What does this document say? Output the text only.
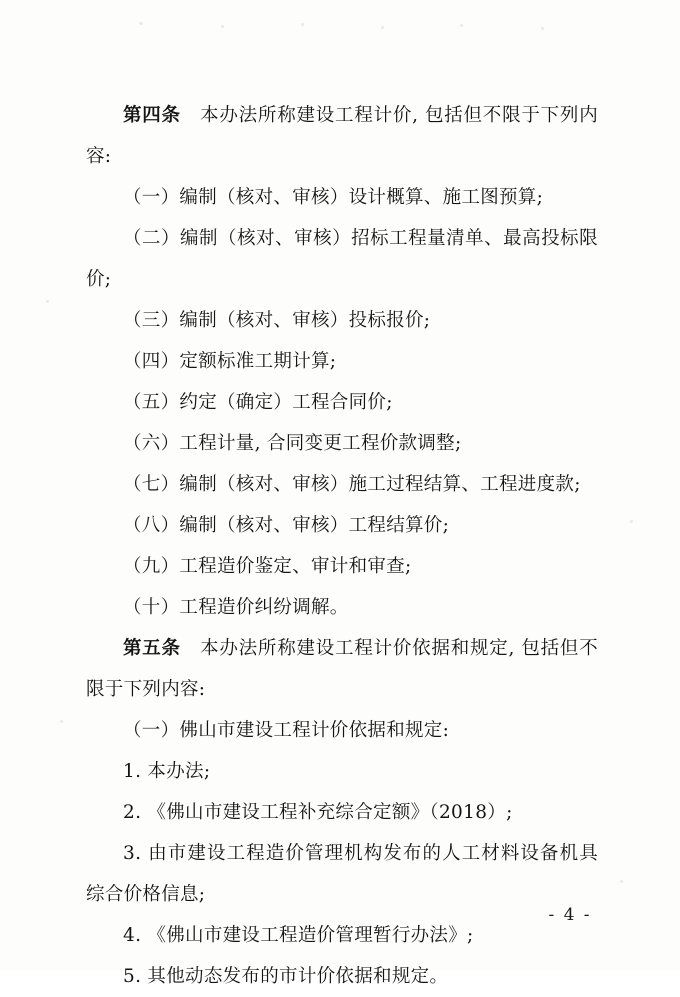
第四条　本办法所称建设工程计价, 包括但不限于下列内容:

（一）编制（核对、审核）设计概算、施工图预算;

（二）编制（核对、审核）招标工程量清单、最高投标限价;

（三）编制（核对、审核）投标报价;

（四）定额标准工期计算;

（五）约定（确定）工程合同价;

（六）工程计量, 合同变更工程价款调整;

（七）编制（核对、审核）施工过程结算、工程进度款;

（八）编制（核对、审核）工程结算价;

（九）工程造价鉴定、审计和审查;

（十）工程造价纠纷调解。

第五条　本办法所称建设工程计价依据和规定, 包括但不限于下列内容:

（一）佛山市建设工程计价依据和规定:

1. 本办法;

2. 《佛山市建设工程补充综合定额》（2018）;

3. 由市建设工程造价管理机构发布的人工材料设备机具综合价格信息;

4. 《佛山市建设工程造价管理暂行办法》;

5. 其他动态发布的市计价依据和规定。

- 4 -
